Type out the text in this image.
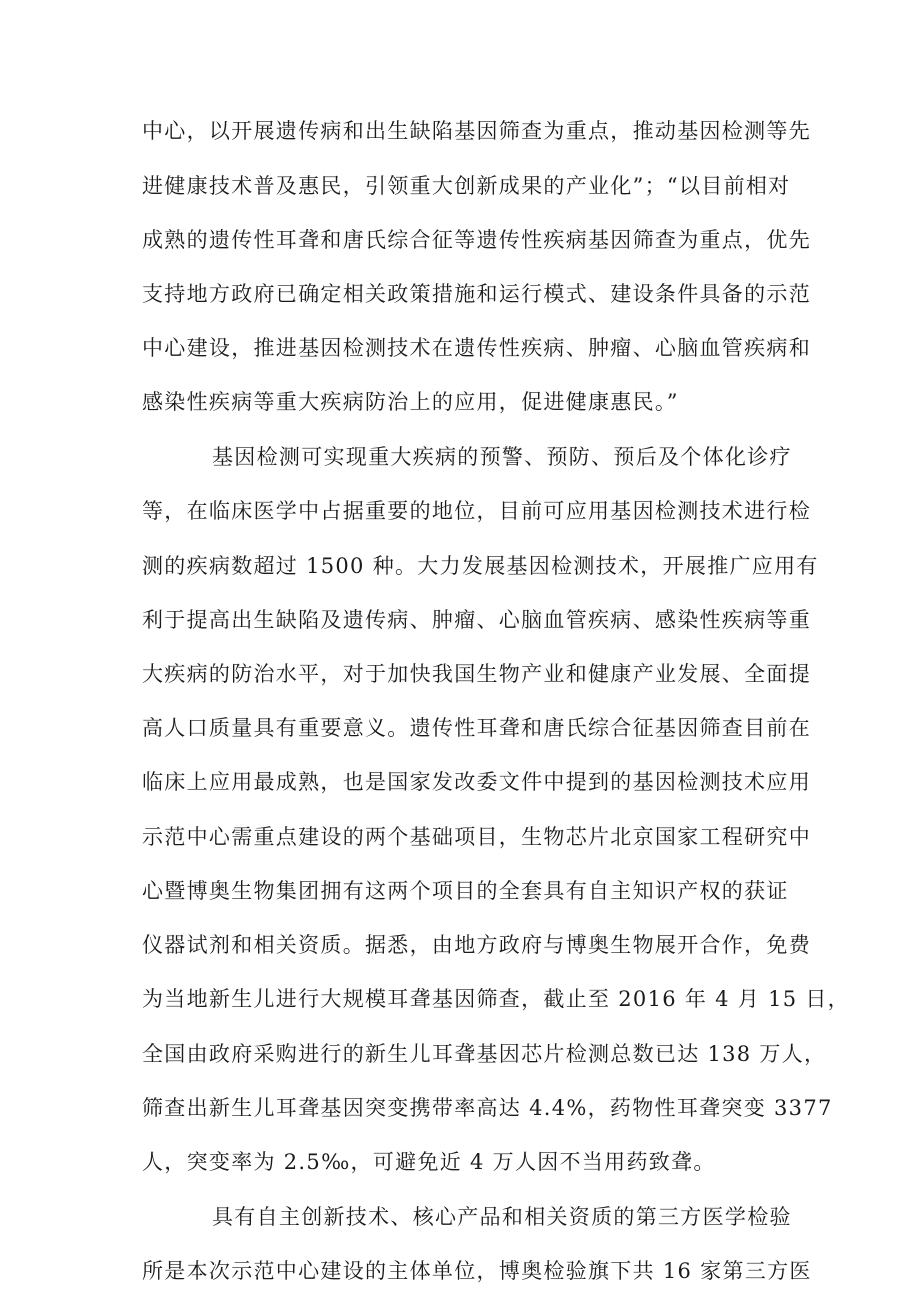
中心，以开展遗传病和出生缺陷基因筛查为重点，推动基因检测等先
进健康技术普及惠民，引领重大创新成果的产业化”；“以目前相对
成熟的遗传性耳聋和唐氏综合征等遗传性疾病基因筛查为重点，优先
支持地方政府已确定相关政策措施和运行模式、建设条件具备的示范
中心建设，推进基因检测技术在遗传性疾病、肿瘤、心脑血管疾病和
感染性疾病等重大疾病防治上的应用，促进健康惠民。”
基因检测可实现重大疾病的预警、预防、预后及个体化诊疗
等，在临床医学中占据重要的地位，目前可应用基因检测技术进行检
测的疾病数超过 1500 种。大力发展基因检测技术，开展推广应用有
利于提高出生缺陷及遗传病、肿瘤、心脑血管疾病、感染性疾病等重
大疾病的防治水平，对于加快我国生物产业和健康产业发展、全面提
高人口质量具有重要意义。遗传性耳聋和唐氏综合征基因筛查目前在
临床上应用最成熟，也是国家发改委文件中提到的基因检测技术应用
示范中心需重点建设的两个基础项目，生物芯片北京国家工程研究中
心暨博奥生物集团拥有这两个项目的全套具有自主知识产权的获证
仪器试剂和相关资质。据悉，由地方政府与博奥生物展开合作，免费
为当地新生儿进行大规模耳聋基因筛查，截止至 2016 年 4 月 15 日，
全国由政府采购进行的新生儿耳聋基因芯片检测总数已达 138 万人，
筛查出新生儿耳聋基因突变携带率高达 4.4%，药物性耳聋突变 3377
人，突变率为 2.5‰，可避免近 4 万人因不当用药致聋。
具有自主创新技术、核心产品和相关资质的第三方医学检验
所是本次示范中心建设的主体单位，博奥检验旗下共 16 家第三方医
